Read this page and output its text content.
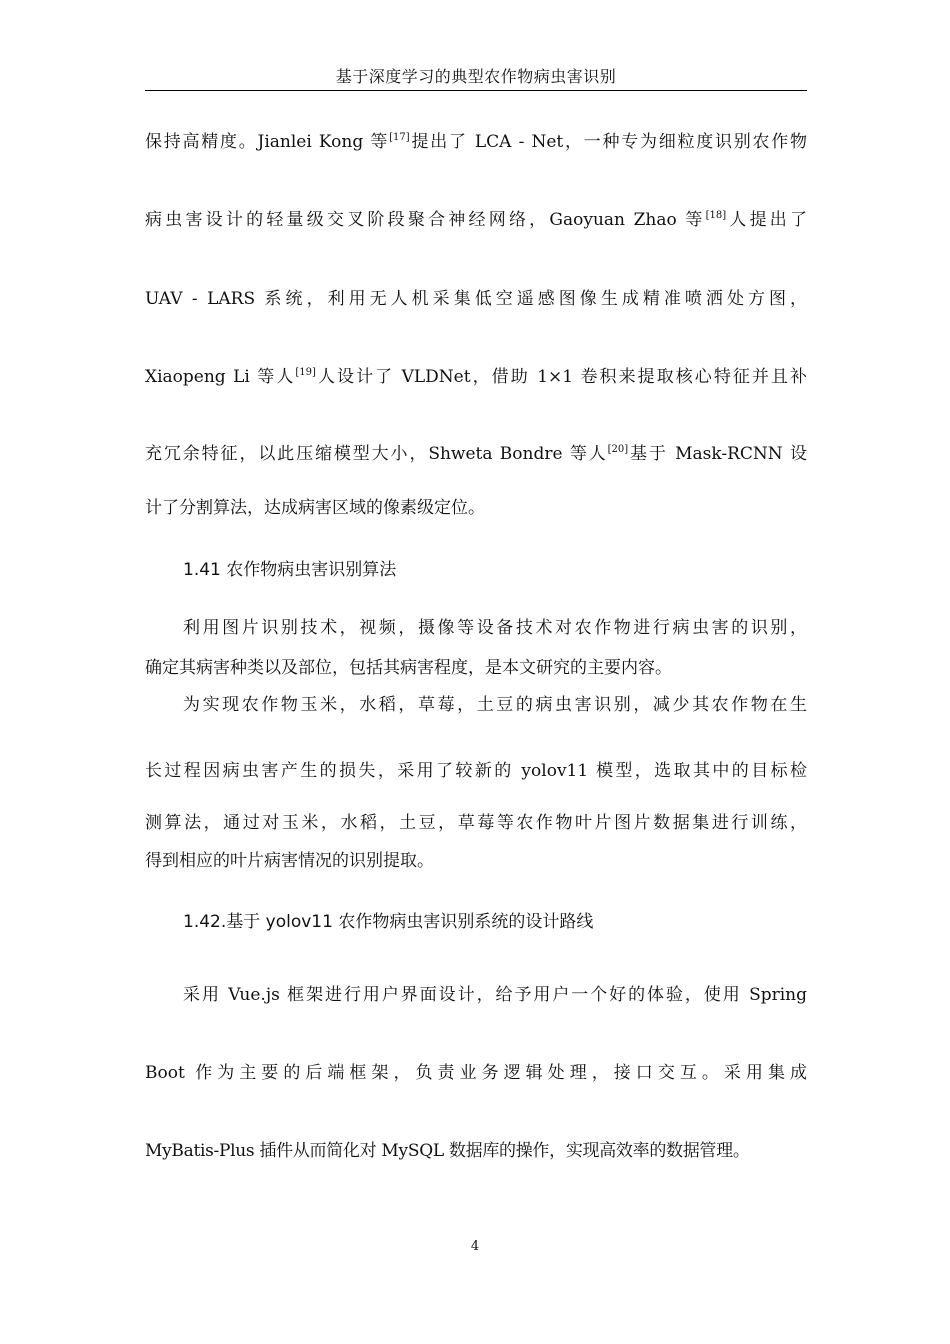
基于深度学习的典型农作物病虫害识别
保持高精度。Jianlei Kong 等[17]提出了 LCA - Net，一种专为细粒度识别农作物
病虫害设计的轻量级交叉阶段聚合神经网络，Gaoyuan Zhao 等[18]人提出了
UAV - LARS 系统，利用无人机采集低空遥感图像生成精准喷洒处方图，
Xiaopeng Li 等人[19]人设计了 VLDNet，借助 1×1 卷积来提取核心特征并且补
充冗余特征，以此压缩模型大小，Shweta Bondre 等人[20]基于 Mask-RCNN 设
计了分割算法，达成病害区域的像素级定位。
1.41 农作物病虫害识别算法
利用图片识别技术，视频，摄像等设备技术对农作物进行病虫害的识别，
确定其病害种类以及部位，包括其病害程度，是本文研究的主要内容。
为实现农作物玉米，水稻，草莓，土豆的病虫害识别，减少其农作物在生
长过程因病虫害产生的损失，采用了较新的 yolov11 模型，选取其中的目标检
测算法，通过对玉米，水稻，土豆，草莓等农作物叶片图片数据集进行训练，
得到相应的叶片病害情况的识别提取。
1.42.基于 yolov11 农作物病虫害识别系统的设计路线
采用 Vue.js 框架进行用户界面设计，给予用户一个好的体验，使用 Spring
Boot 作为主要的后端框架，负责业务逻辑处理，接口交互。采用集成
MyBatis-Plus 插件从而简化对 MySQL 数据库的操作，实现高效率的数据管理。
4
